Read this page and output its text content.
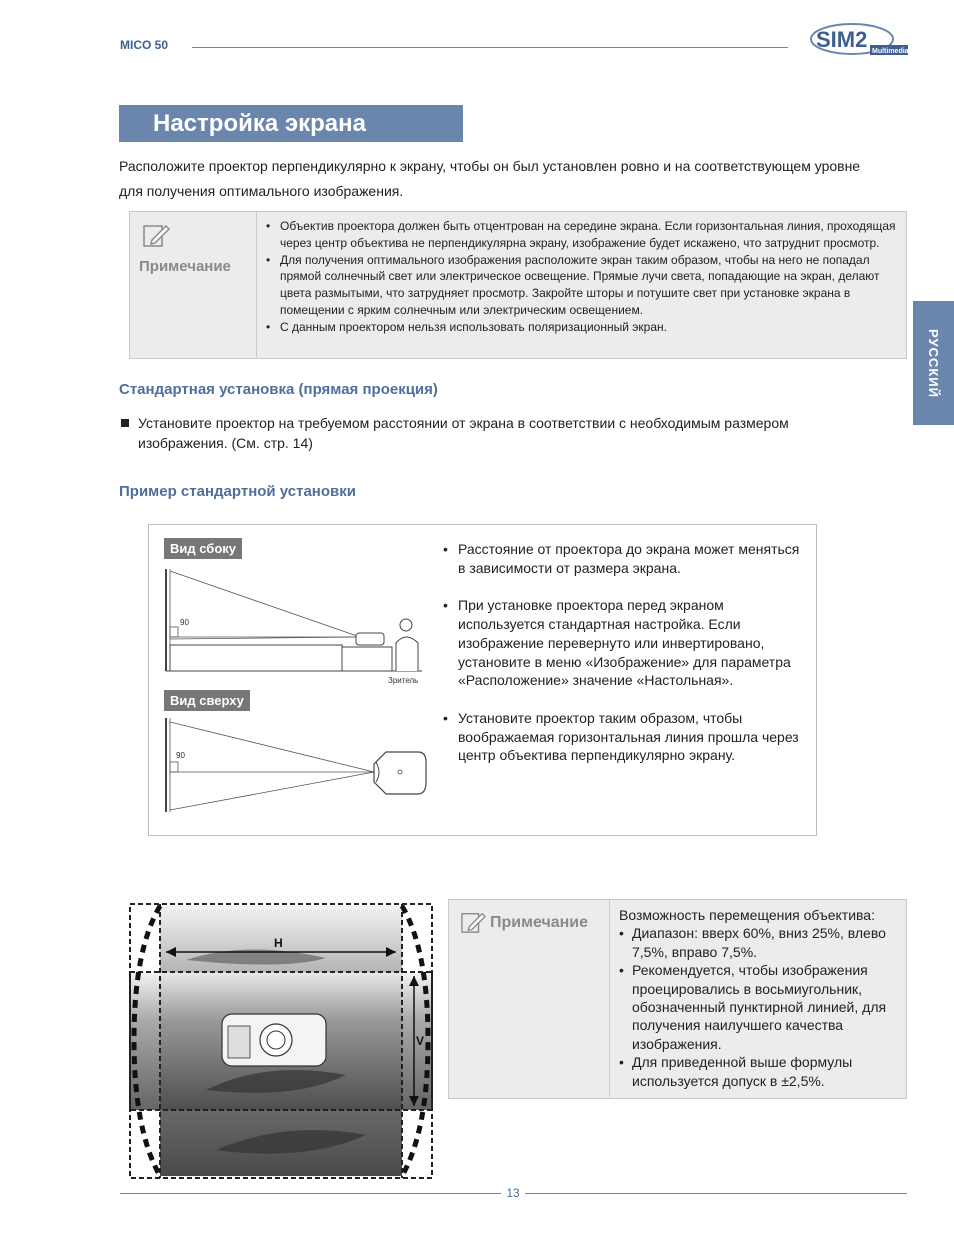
MICO 50	SIM2 Multimedia
Настройка экрана
Расположите проектор перпендикулярно к экрану, чтобы он был установлен ровно и на соответствующем уровне для получения оптимального изображения.
Примечание
• Объектив проектора должен быть отцентрован на середине экрана. Если горизонтальная линия, проходящая через центр объектива не перпендикулярна экрану, изображение будет искажено, что затруднит просмотр.
• Для получения оптимального изображения расположите экран таким образом, чтобы на него не попадал прямой солнечный свет или электрическое освещение. Прямые лучи света, попадающие на экран, делают цвета размытыми, что затрудняет просмотр. Закройте шторы и потушите свет при установке экрана в помещении с ярким солнечным или электрическим освещением.
• С данным проектором нельзя использовать поляризационный экран.
РУССКИЙ
Стандартная установка (прямая проекция)
Установите проектор на требуемом расстоянии от экрана в соответствии с необходимым размером изображения. (См. стр. 14)
Пример стандартной установки
Вид сбоку
90
Зритель
Вид сверху
90
• Расстояние от проектора до экрана может меняться в зависимости от размера экрана.
• При установке проектора перед экраном используется стандартная настройка. Если изображение перевернуто или инвертировано, установите в меню «Изображение» для параметра «Расположение» значение «Настольная».
• Установите проектор таким образом, чтобы воображаемая горизонтальная линия прошла через центр объектива перпендикулярно экрану.
H
V
Примечание Возможность перемещения объектива:
• Диапазон: вверх 60%, вниз 25%, влево 7,5%, вправо 7,5%.
• Рекомендуется, чтобы изображения проецировались в восьмиугольник, обозначенный пунктирной линией, для получения наилучшего качества изображения.
• Для приведенной выше формулы используется допуск в ±2,5%.
13
